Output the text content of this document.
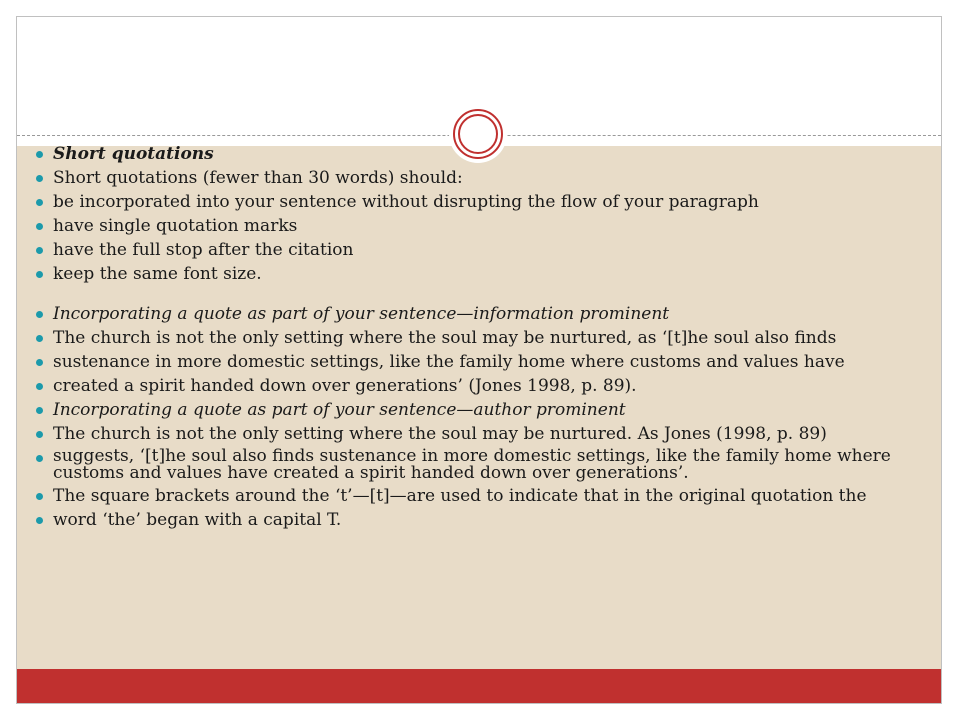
Short quotations
Short quotations (fewer than 30 words) should:
be incorporated into your sentence without disrupting the flow of your paragraph
have single quotation marks
have the full stop after the citation
keep the same font size.
Incorporating a quote as part of your sentence—information prominent
The church is not the only setting where the soul may be nurtured, as ‘[t]he soul also finds
sustenance in more domestic settings, like the family home where customs and values have
created a spirit handed down over generations’ (Jones 1998, p. 89).
Incorporating a quote as part of your sentence—author prominent
The church is not the only setting where the soul may be nurtured. As Jones (1998, p. 89)
suggests, ‘[t]he soul also finds sustenance in more domestic settings, like the family home where customs and values have created a spirit handed down over generations’.
The square brackets around the ‘t’—[t]—are used to indicate that in the original quotation the
word ‘the’ began with a capital T.
